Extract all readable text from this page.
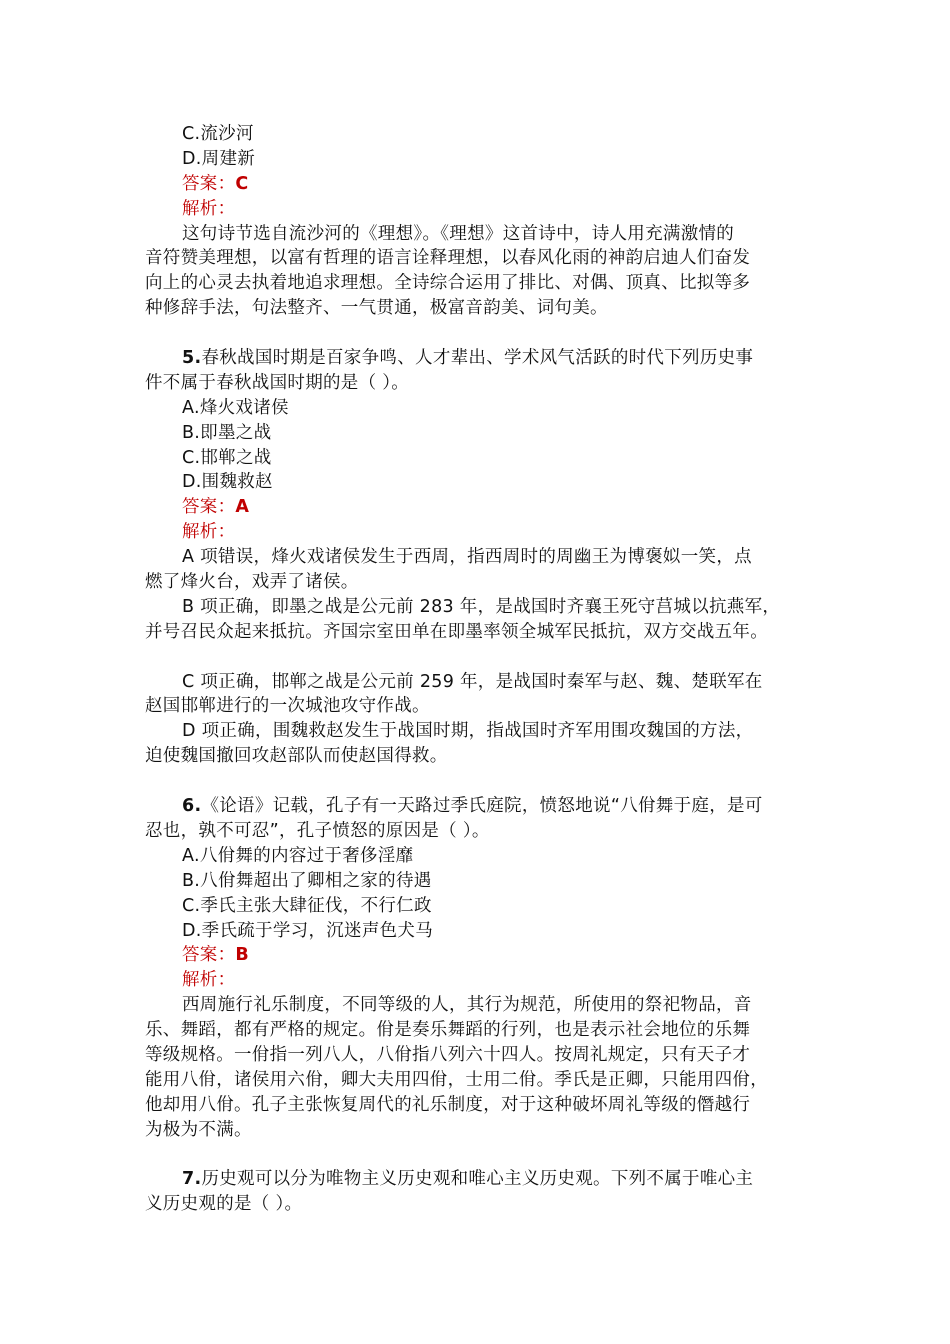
C.流沙河
D.周建新
答案：C
解析：
这句诗节选自流沙河的《理想》。《理想》这首诗中，诗人用充满激情的
音符赞美理想，以富有哲理的语言诠释理想，以春风化雨的神韵启迪人们奋发
向上的心灵去执着地追求理想。全诗综合运用了排比、对偶、顶真、比拟等多
种修辞手法，句法整齐、一气贯通，极富音韵美、词句美。
5.春秋战国时期是百家争鸣、人才辈出、学术风气活跃的时代下列历史事
件不属于春秋战国时期的是（ ）。
A.烽火戏诸侯
B.即墨之战
C.邯郸之战
D.围魏救赵
答案：A
解析：
A 项错误，烽火戏诸侯发生于西周，指西周时的周幽王为博褒姒一笑，点
燃了烽火台，戏弄了诸侯。
B 项正确，即墨之战是公元前 283 年，是战国时齐襄王死守莒城以抗燕军，
并号召民众起来抵抗。齐国宗室田单在即墨率领全城军民抵抗，双方交战五年。
C 项正确，邯郸之战是公元前 259 年，是战国时秦军与赵、魏、楚联军在
赵国邯郸进行的一次城池攻守作战。
D 项正确，围魏救赵发生于战国时期，指战国时齐军用围攻魏国的方法，
迫使魏国撤回攻赵部队而使赵国得救。
6.《论语》记载，孔子有一天路过季氏庭院，愤怒地说“八佾舞于庭，是可
忍也，孰不可忍”，孔子愤怒的原因是（ ）。
A.八佾舞的内容过于奢侈淫靡
B.八佾舞超出了卿相之家的待遇
C.季氏主张大肆征伐，不行仁政
D.季氏疏于学习，沉迷声色犬马
答案：B
解析：
西周施行礼乐制度，不同等级的人，其行为规范，所使用的祭祀物品，音
乐、舞蹈，都有严格的规定。佾是奏乐舞蹈的行列，也是表示社会地位的乐舞
等级规格。一佾指一列八人，八佾指八列六十四人。按周礼规定，只有天子才
能用八佾，诸侯用六佾，卿大夫用四佾，士用二佾。季氏是正卿，只能用四佾，
他却用八佾。孔子主张恢复周代的礼乐制度，对于这种破坏周礼等级的僭越行
为极为不满。
7.历史观可以分为唯物主义历史观和唯心主义历史观。下列不属于唯心主
义历史观的是（ ）。
